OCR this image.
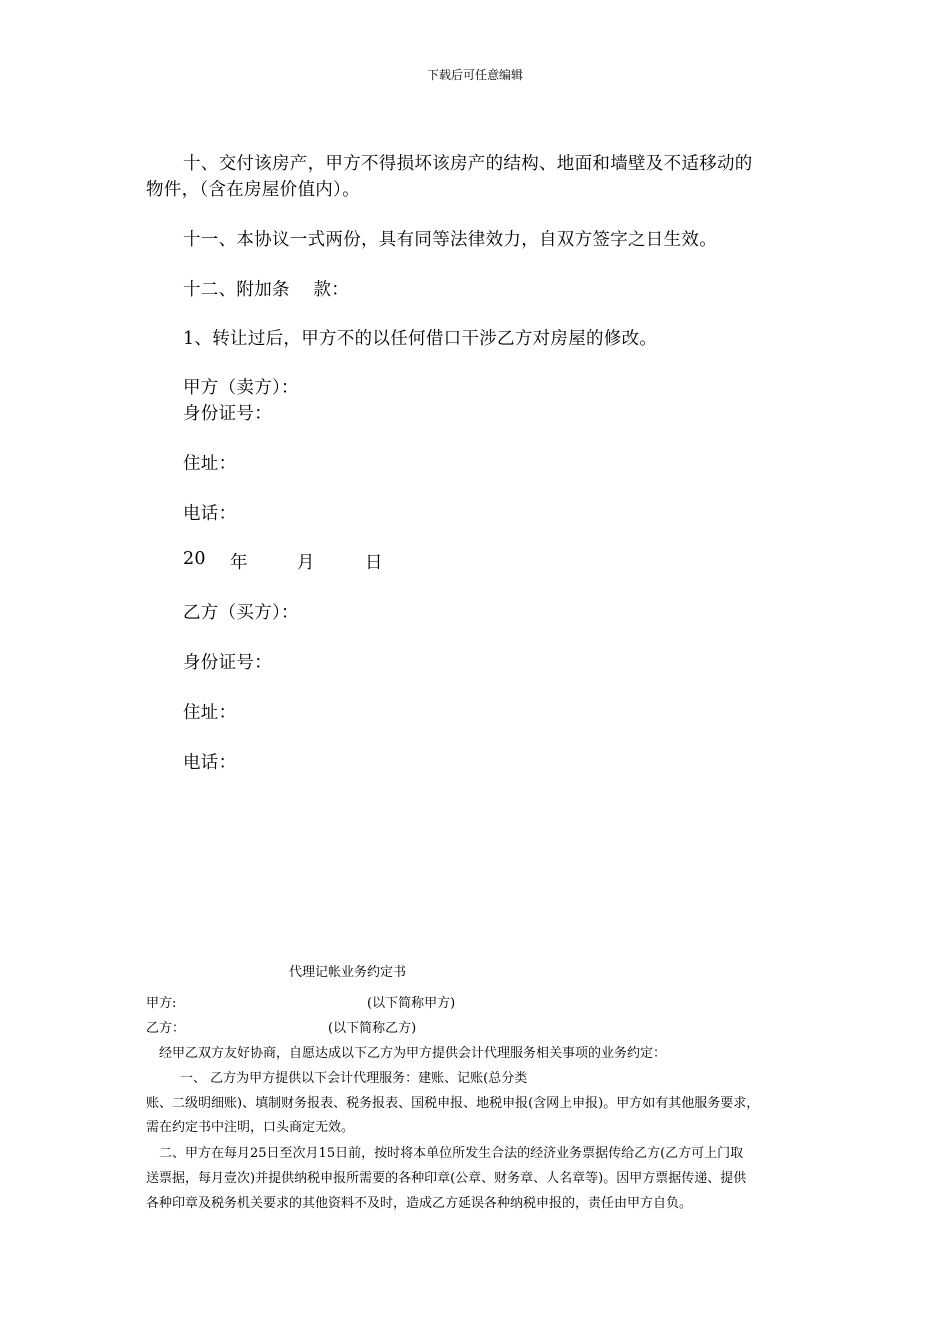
下载后可任意编辑
十、交付该房产，甲方不得损坏该房产的结构、地面和墙壁及不适移动的
物件，（含在房屋价值内）。
十一、本协议一式两份，具有同等法律效力，自双方签字之日生效。
十二、附加条　 款：
1、转让过后，甲方不的以任何借口干涉乙方对房屋的修改。
甲方（卖方）：
身份证号：
住址：
电话：
20 年	月	日
乙方（买方）：
身份证号：
住址：
电话：
代理记帐业务约定书
甲方:	(以下简称甲方)
乙方：	(以下简称乙方)
经甲乙双方友好协商，自愿达成以下乙方为甲方提供会计代理服务相关事项的业务约定：
一、 乙方为甲方提供以下会计代理服务：建账、记账(总分类
账、二级明细账)、填制财务报表、税务报表、国税申报、地税申报(含网上申报)。甲方如有其他服务要求，
需在约定书中注明，口头商定无效。
二、甲方在每月25日至次月15日前，按时将本单位所发生合法的经济业务票据传给乙方(乙方可上门取
送票据，每月壹次)并提供纳税申报所需要的各种印章(公章、财务章、人名章等)。因甲方票据传递、提供
各种印章及税务机关要求的其他资料不及时，造成乙方延误各种纳税申报的，责任由甲方自负。
